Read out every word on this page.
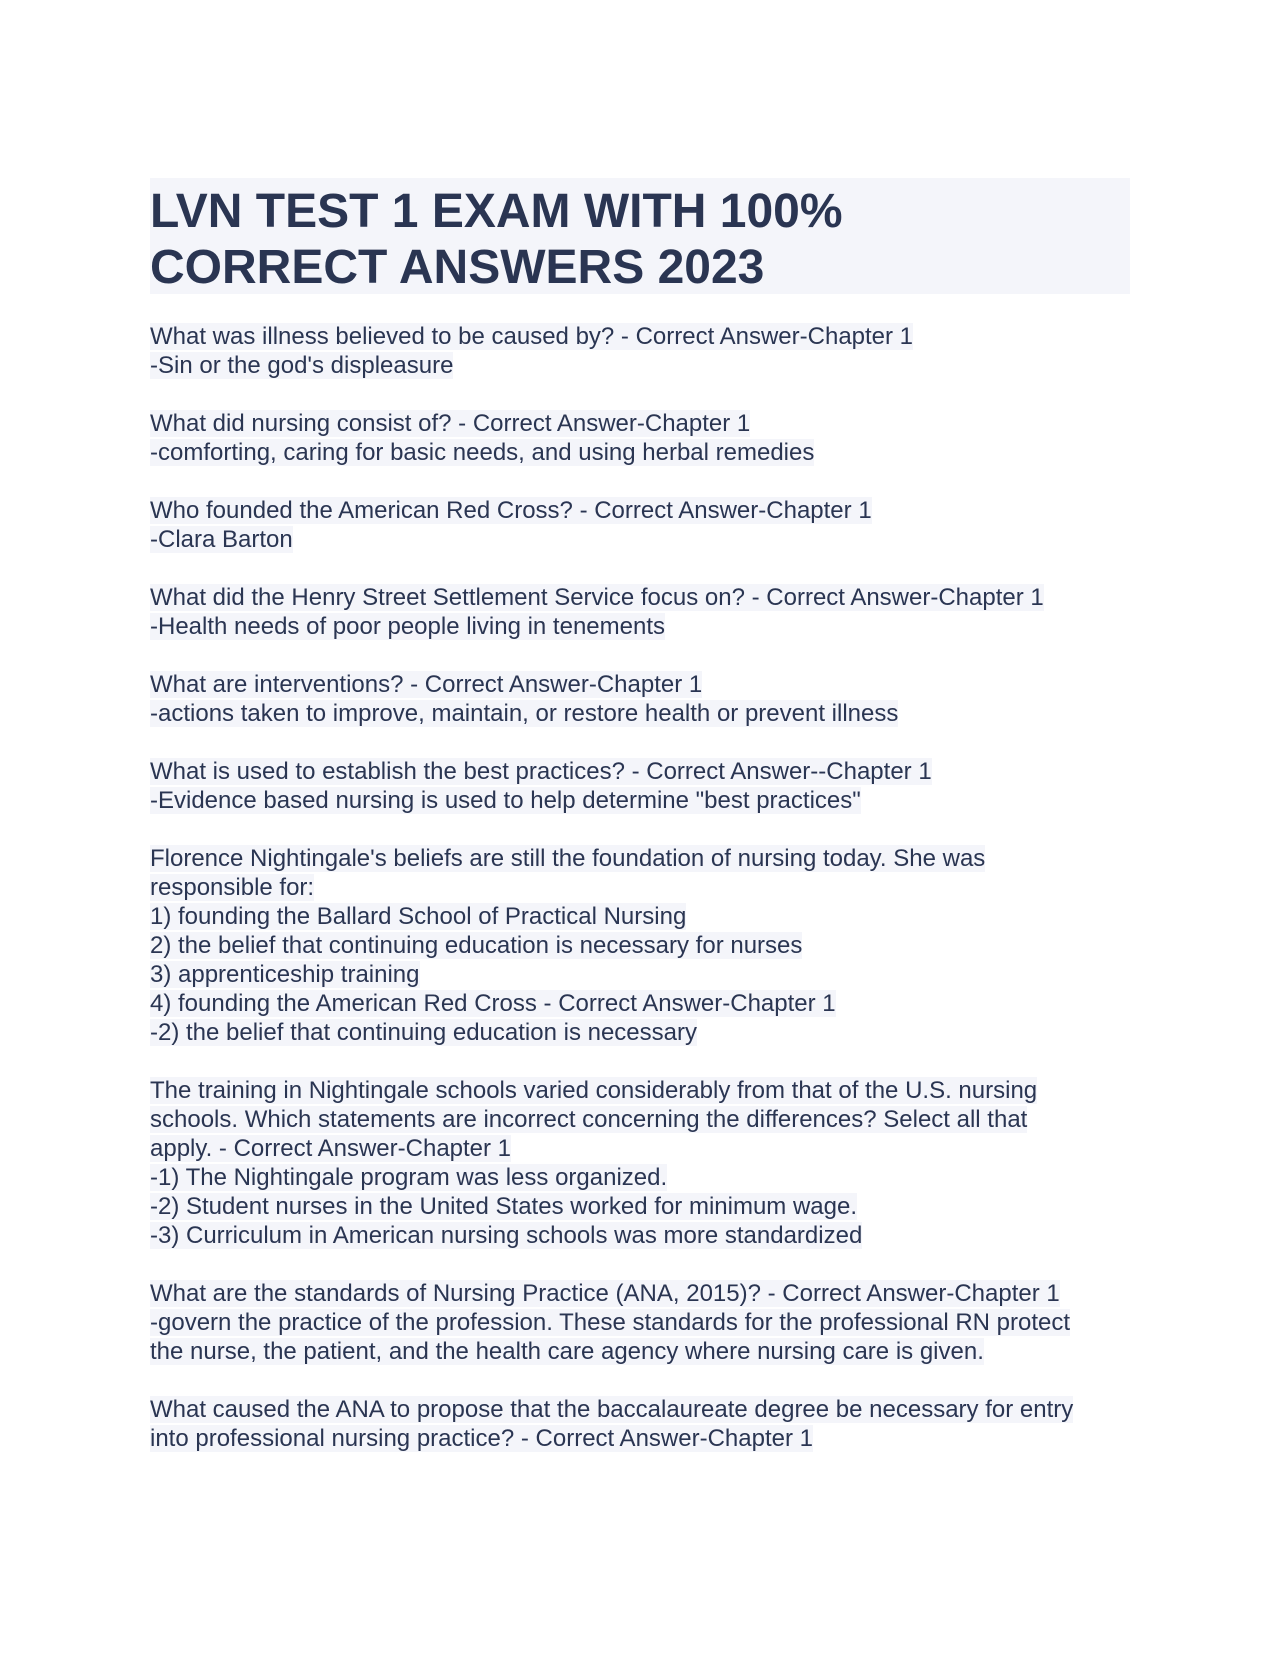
LVN TEST 1 EXAM WITH 100%
CORRECT ANSWERS 2023
What was illness believed to be caused by? - Correct Answer-Chapter 1
-Sin or the god's displeasure
What did nursing consist of? - Correct Answer-Chapter 1
-comforting, caring for basic needs, and using herbal remedies
Who founded the American Red Cross? - Correct Answer-Chapter 1
-Clara Barton
What did the Henry Street Settlement Service focus on? - Correct Answer-Chapter 1
-Health needs of poor people living in tenements
What are interventions? - Correct Answer-Chapter 1
-actions taken to improve, maintain, or restore health or prevent illness
What is used to establish the best practices? - Correct Answer--Chapter 1
-Evidence based nursing is used to help determine "best practices"
Florence Nightingale's beliefs are still the foundation of nursing today. She was
responsible for:
1) founding the Ballard School of Practical Nursing
2) the belief that continuing education is necessary for nurses
3) apprenticeship training
4) founding the American Red Cross - Correct Answer-Chapter 1
-2) the belief that continuing education is necessary
The training in Nightingale schools varied considerably from that of the U.S. nursing
schools. Which statements are incorrect concerning the differences? Select all that
apply. - Correct Answer-Chapter 1
-1) The Nightingale program was less organized.
-2) Student nurses in the United States worked for minimum wage.
-3) Curriculum in American nursing schools was more standardized
What are the standards of Nursing Practice (ANA, 2015)? - Correct Answer-Chapter 1
-govern the practice of the profession. These standards for the professional RN protect
the nurse, the patient, and the health care agency where nursing care is given.
What caused the ANA to propose that the baccalaureate degree be necessary for entry
into professional nursing practice? - Correct Answer-Chapter 1
